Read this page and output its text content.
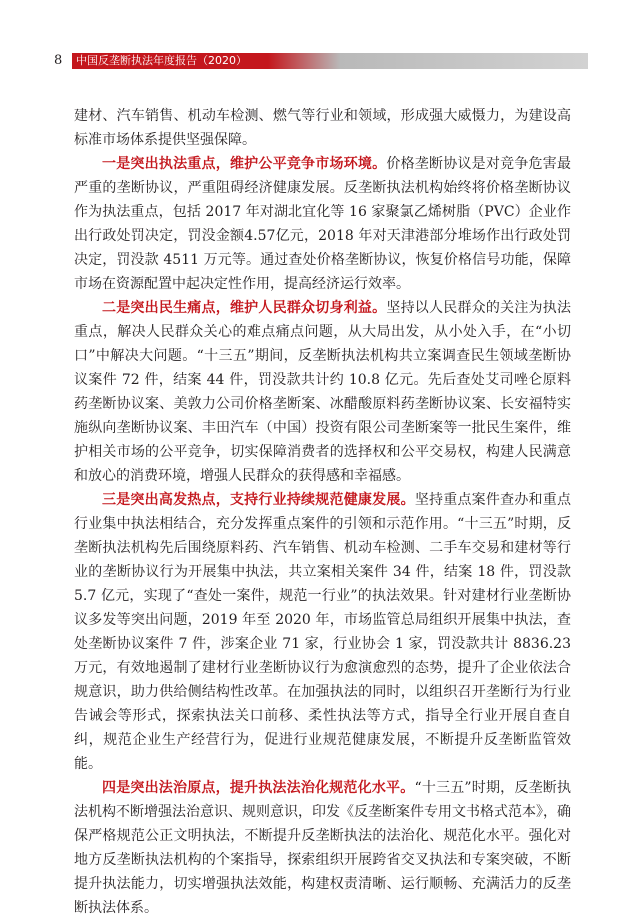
8	中国反垄断执法年度报告（2020）

建材、汽车销售、机动车检测、燃气等行业和领域，形成强大威慑力，为建设高标准市场体系提供坚强保障。

一是突出执法重点，维护公平竞争市场环境。价格垄断协议是对竞争危害最严重的垄断协议，严重阻碍经济健康发展。反垄断执法机构始终将价格垄断协议作为执法重点，包括 2017 年对湖北宜化等 16 家聚氯乙烯树脂（PVC）企业作出行政处罚决定，罚没金额4.57亿元，2018 年对天津港部分堆场作出行政处罚决定，罚没款 4511 万元等。通过查处价格垄断协议，恢复价格信号功能，保障市场在资源配置中起决定性作用，提高经济运行效率。

二是突出民生痛点，维护人民群众切身利益。坚持以人民群众的关注为执法重点，解决人民群众关心的难点痛点问题，从大局出发，从小处入手，在“小切口”中解决大问题。“十三五”期间，反垄断执法机构共立案调查民生领域垄断协议案件 72 件，结案 44 件，罚没款共计约 10.8 亿元。先后查处艾司唑仑原料药垄断协议案、美敦力公司价格垄断案、冰醋酸原料药垄断协议案、长安福特实施纵向垄断协议案、丰田汽车（中国）投资有限公司垄断案等一批民生案件，维护相关市场的公平竞争，切实保障消费者的选择权和公平交易权，构建人民满意和放心的消费环境，增强人民群众的获得感和幸福感。

三是突出高发热点，支持行业持续规范健康发展。坚持重点案件查办和重点行业集中执法相结合，充分发挥重点案件的引领和示范作用。“十三五”时期，反垄断执法机构先后围绕原料药、汽车销售、机动车检测、二手车交易和建材等行业的垄断协议行为开展集中执法，共立案相关案件 34 件，结案 18 件，罚没款 5.7 亿元，实现了“查处一案件，规范一行业”的执法效果。针对建材行业垄断协议多发等突出问题，2019 年至 2020 年，市场监管总局组织开展集中执法，查处垄断协议案件 7 件，涉案企业 71 家，行业协会 1 家，罚没款共计 8836.23 万元，有效地遏制了建材行业垄断协议行为愈演愈烈的态势，提升了企业依法合规意识，助力供给侧结构性改革。在加强执法的同时，以组织召开垄断行为行业告诫会等形式，探索执法关口前移、柔性执法等方式，指导全行业开展自查自纠，规范企业生产经营行为，促进行业规范健康发展，不断提升反垄断监管效能。

四是突出法治原点，提升执法法治化规范化水平。“十三五”时期，反垄断执法机构不断增强法治意识、规则意识，印发《反垄断案件专用文书格式范本》，确保严格规范公正文明执法，不断提升反垄断执法的法治化、规范化水平。强化对地方反垄断执法机构的个案指导，探索组织开展跨省交叉执法和专案突破，不断提升执法能力，切实增强执法效能，构建权责清晰、运行顺畅、充满活力的反垄断执法体系。
